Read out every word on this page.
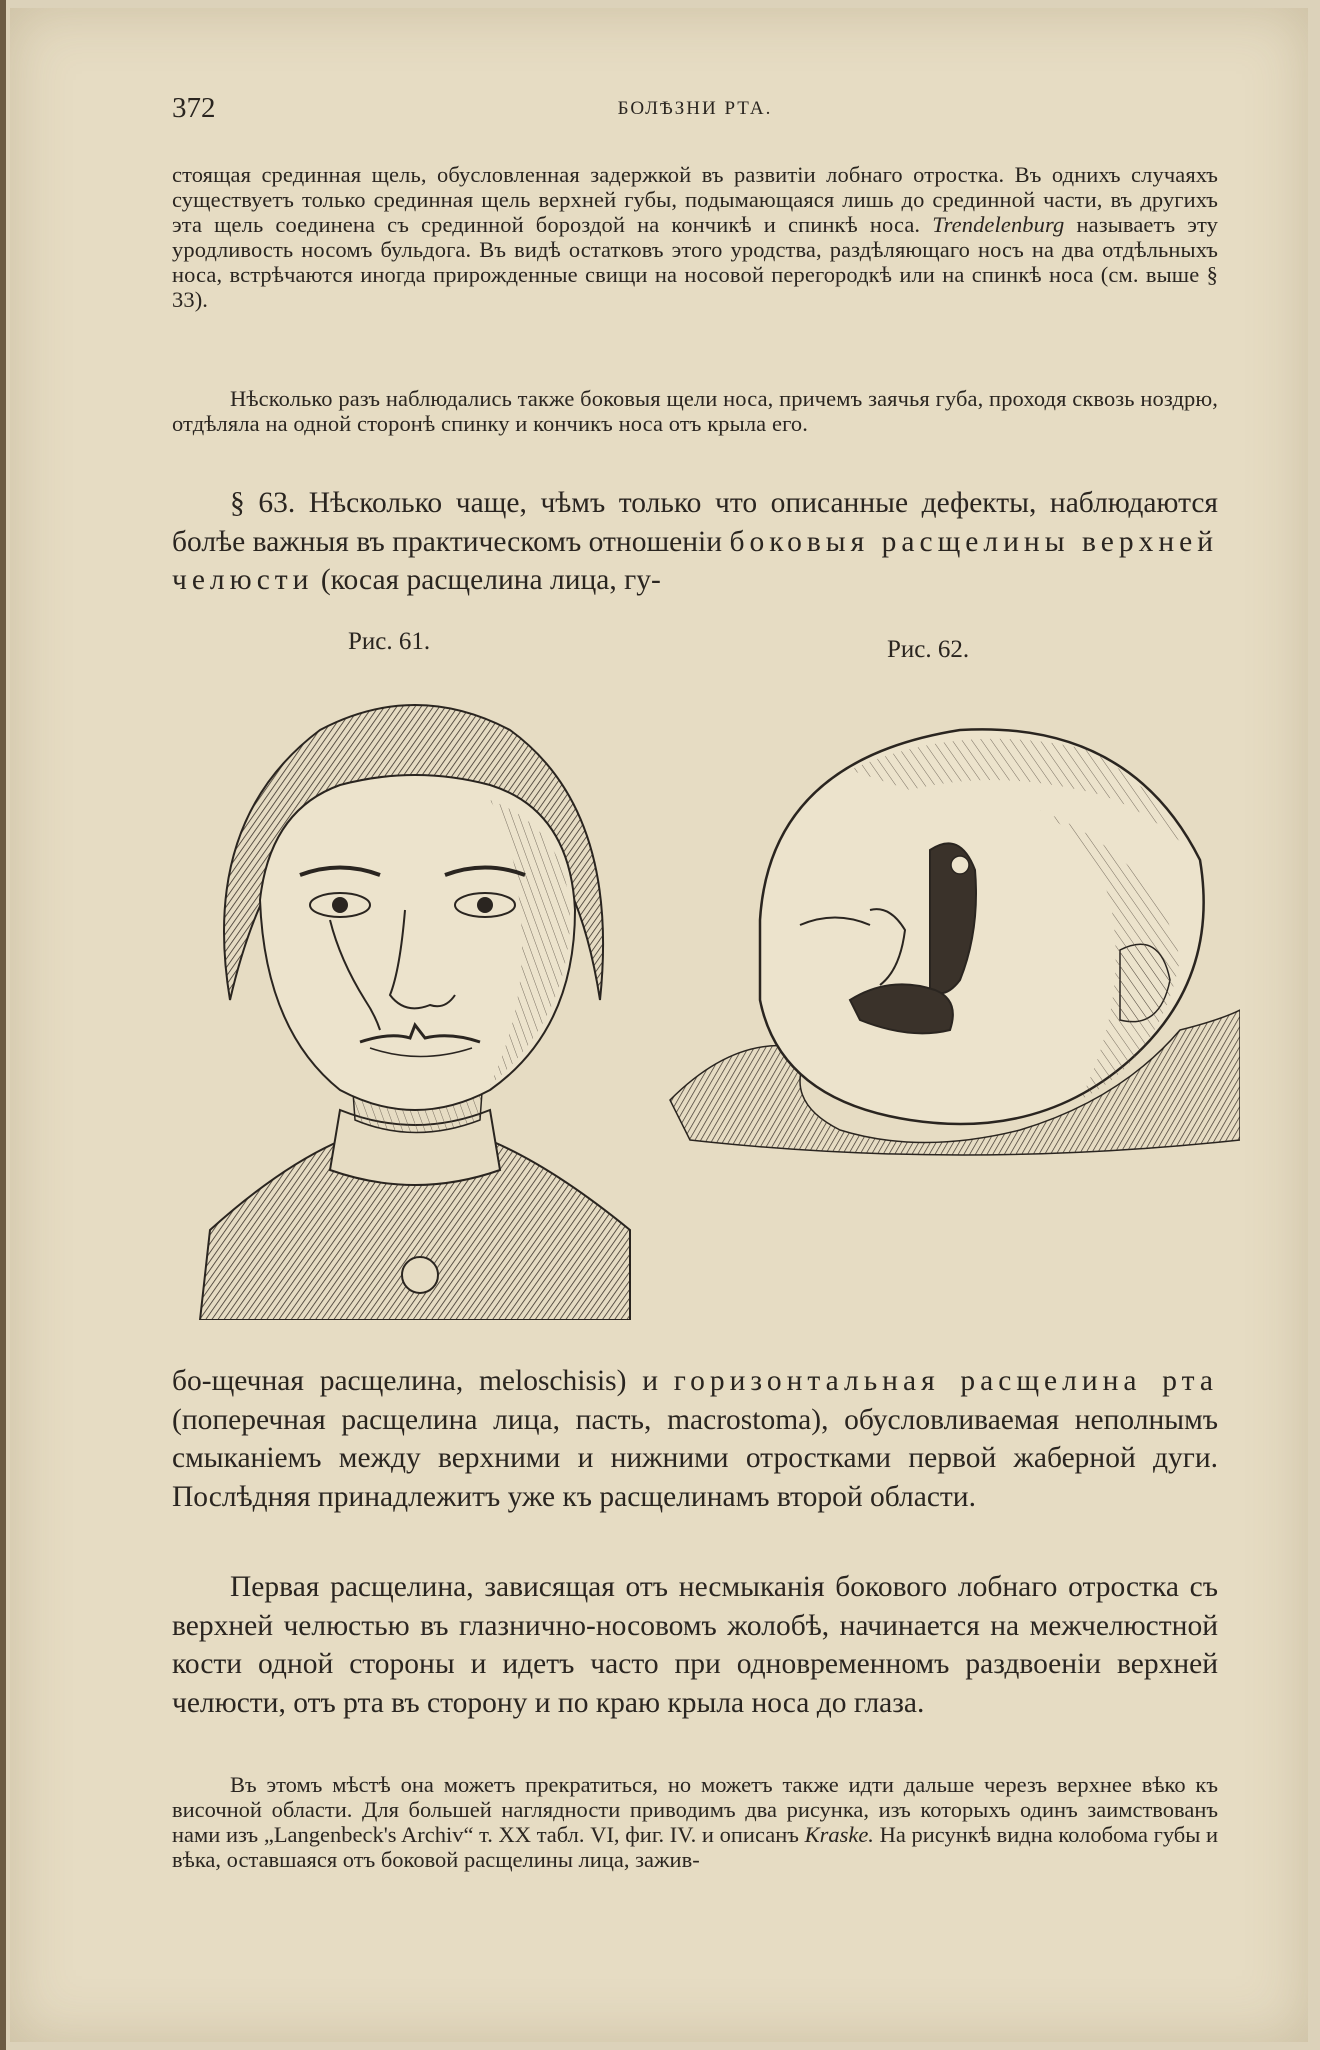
372	БОЛѢЗНИ РТА.
стоящая срединная щель, обусловленная задержкой въ развитіи лобнаго отростка. Въ однихъ случаяхъ существуетъ только срединная щель верхней губы, подымающаяся лишь до срединной части, въ другихъ эта щель соединена съ срединной бороздой на кончикѣ и спинкѣ носа. Trendelenburg называетъ эту уродливость носомъ бульдога. Въ видѣ остатковъ этого уродства, раздѣляющаго носъ на два отдѣльныхъ носа, встрѣчаются иногда прирожденные свищи на носовой перегородкѣ или на спинкѣ носа (см. выше § 33).
Нѣсколько разъ наблюдались также боковыя щели носа, причемъ заячья губа, проходя сквозь ноздрю, отдѣляла на одной сторонѣ спинку и кончикъ носа отъ крыла его.
§ 63. Нѣсколько чаще, чѣмъ только что описанные дефекты, наблюдаются болѣе важныя въ практическомъ отношеніи боковыя расщелины верхней челюсти (косая расщелина лица, гу-
Рис. 61.	Рис. 62.
бо-щечная расщелина, meloschisis) и горизонтальная расщелина рта (поперечная расщелина лица, пасть, macrostoma), обусловливаемая неполнымъ смыканіемъ между верхними и нижними отростками первой жаберной дуги. Послѣдняя принадлежитъ уже къ расщелинамъ второй области.
Первая расщелина, зависящая отъ несмыканія бокового лобнаго отростка съ верхней челюстью въ глазнично-носовомъ жолобѣ, начинается на межчелюстной кости одной стороны и идетъ часто при одновременномъ раздвоеніи верхней челюсти, отъ рта въ сторону и по краю крыла носа до глаза.
Въ этомъ мѣстѣ она можетъ прекратиться, но можетъ также идти дальше черезъ верхнее вѣко къ височной области. Для большей наглядности приводимъ два рисунка, изъ которыхъ одинъ заимствованъ нами изъ „Langenbeck's Archiv“ т. XX табл. VI, фиг. IV. и описанъ Kraske. На рисункѣ видна колобома губы и вѣка, оставшаяся отъ боковой расщелины лица, зажив-
